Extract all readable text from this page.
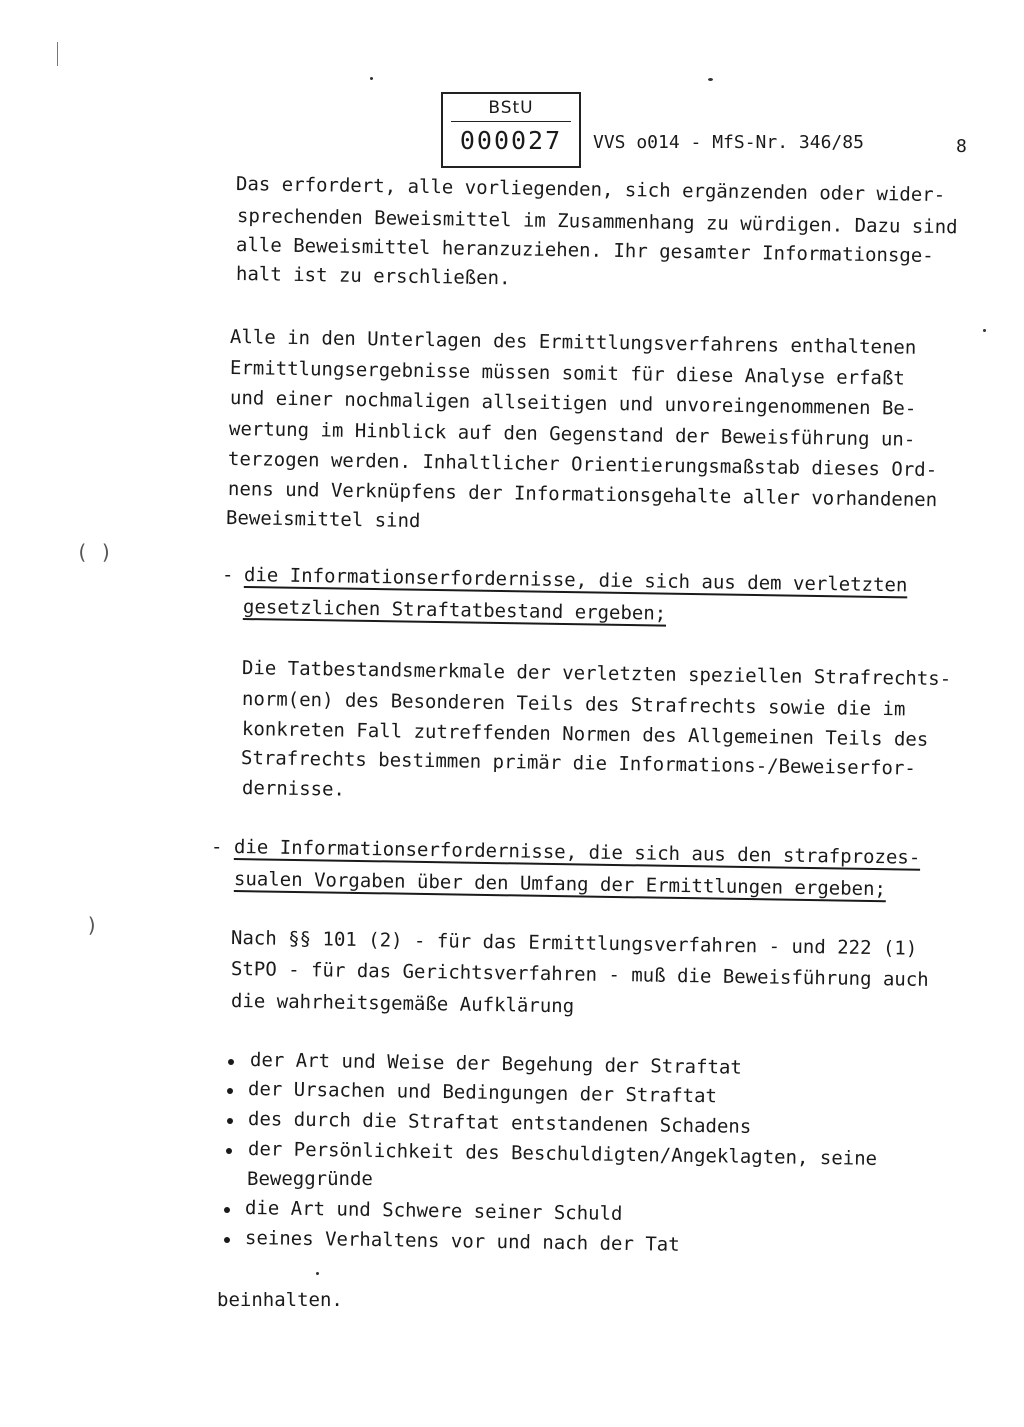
( )
)
BStU
000027	VVS o014 - MfS-Nr. 346/85	8
Das erfordert, alle vorliegenden, sich ergänzenden oder wider-
sprechenden Beweismittel im Zusammenhang zu würdigen. Dazu sind
alle Beweismittel heranzuziehen. Ihr gesamter Informationsge-
halt ist zu erschließen.
Alle in den Unterlagen des Ermittlungsverfahrens enthaltenen
Ermittlungsergebnisse müssen somit für diese Analyse erfaßt
und einer nochmaligen allseitigen und unvoreingenommenen Be-
wertung im Hinblick auf den Gegenstand der Beweisführung un-
terzogen werden. Inhaltlicher Orientierungsmaßstab dieses Ord-
nens und Verknüpfens der Informationsgehalte aller vorhandenen
Beweismittel sind
- die Informationserfordernisse, die sich aus dem verletzten
gesetzlichen Straftatbestand ergeben;
Die Tatbestandsmerkmale der verletzten speziellen Strafrechts-
norm(en) des Besonderen Teils des Strafrechts sowie die im
konkreten Fall zutreffenden Normen des Allgemeinen Teils des
Strafrechts bestimmen primär die Informations-/Beweiserfor-
dernisse.
- die Informationserfordernisse, die sich aus den strafprozes-
sualen Vorgaben über den Umfang der Ermittlungen ergeben;
Nach §§ 101 (2) - für das Ermittlungsverfahren - und 222 (1)
StPO - für das Gerichtsverfahren - muß die Beweisführung auch
die wahrheitsgemäße Aufklärung
der Art und Weise der Begehung der Straftat
der Ursachen und Bedingungen der Straftat
des durch die Straftat entstandenen Schadens
der Persönlichkeit des Beschuldigten/Angeklagten, seine
Beweggründe
die Art und Schwere seiner Schuld
seines Verhaltens vor und nach der Tat
beinhalten.
